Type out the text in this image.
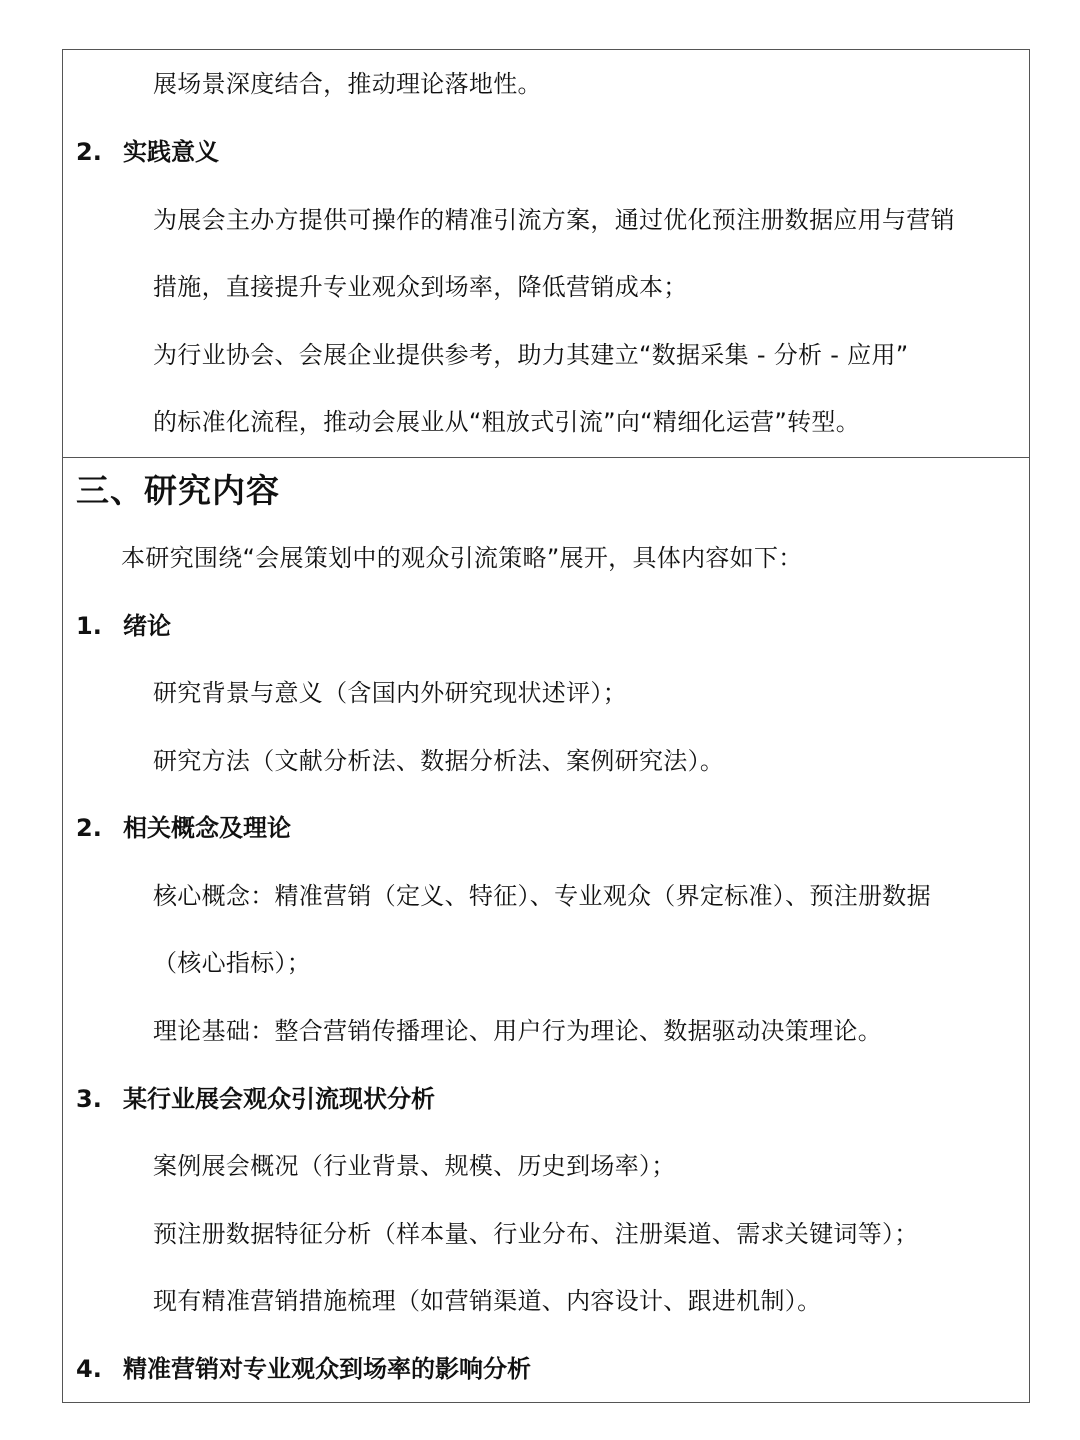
展场景深度结合，推动理论落地性。
2. 实践意义
为展会主办方提供可操作的精准引流方案，通过优化预注册数据应用与营销
措施，直接提升专业观众到场率，降低营销成本；
为行业协会、会展企业提供参考，助力其建立“数据采集 - 分析 - 应用”
的标准化流程，推动会展业从“粗放式引流”向“精细化运营”转型。
三、研究内容
本研究围绕“会展策划中的观众引流策略”展开，具体内容如下：
1. 绪论
研究背景与意义（含国内外研究现状述评）；
研究方法（文献分析法、数据分析法、案例研究法）。
2. 相关概念及理论
核心概念：精准营销（定义、特征）、专业观众（界定标准）、预注册数据
（核心指标）；
理论基础：整合营销传播理论、用户行为理论、数据驱动决策理论。
3. 某行业展会观众引流现状分析
案例展会概况（行业背景、规模、历史到场率）；
预注册数据特征分析（样本量、行业分布、注册渠道、需求关键词等）；
现有精准营销措施梳理（如营销渠道、内容设计、跟进机制）。
4. 精准营销对专业观众到场率的影响分析
